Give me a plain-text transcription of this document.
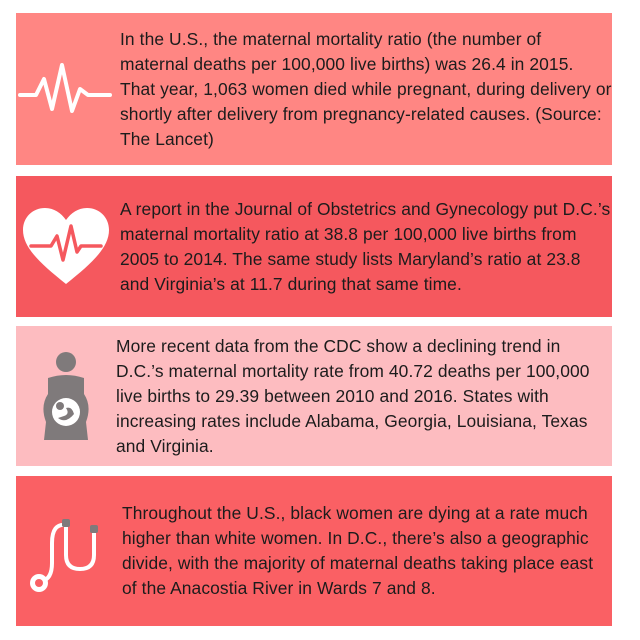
In the U.S., the maternal mortality ratio (the number of maternal deaths per 100,000 live births) was 26.4 in 2015. That year, 1,063 women died while pregnant, during delivery or shortly after delivery from pregnancy-related causes. (Source: The Lancet)

A report in the Journal of Obstetrics and Gynecology put D.C.’s maternal mortality ratio at 38.8 per 100,000 live births from 2005 to 2014. The same study lists Maryland’s ratio at 23.8 and Virginia’s at 11.7 during that same time.

More recent data from the CDC show a declining trend in D.C.’s maternal mortality rate from 40.72 deaths per 100,000 live births to 29.39 between 2010 and 2016. States with increasing rates include Alabama, Georgia, Louisiana, Texas and Virginia.

Throughout the U.S., black women are dying at a rate much higher than white women. In D.C., there’s also a geographic divide, with the majority of maternal deaths taking place east of the Anacostia River in Wards 7 and 8.
